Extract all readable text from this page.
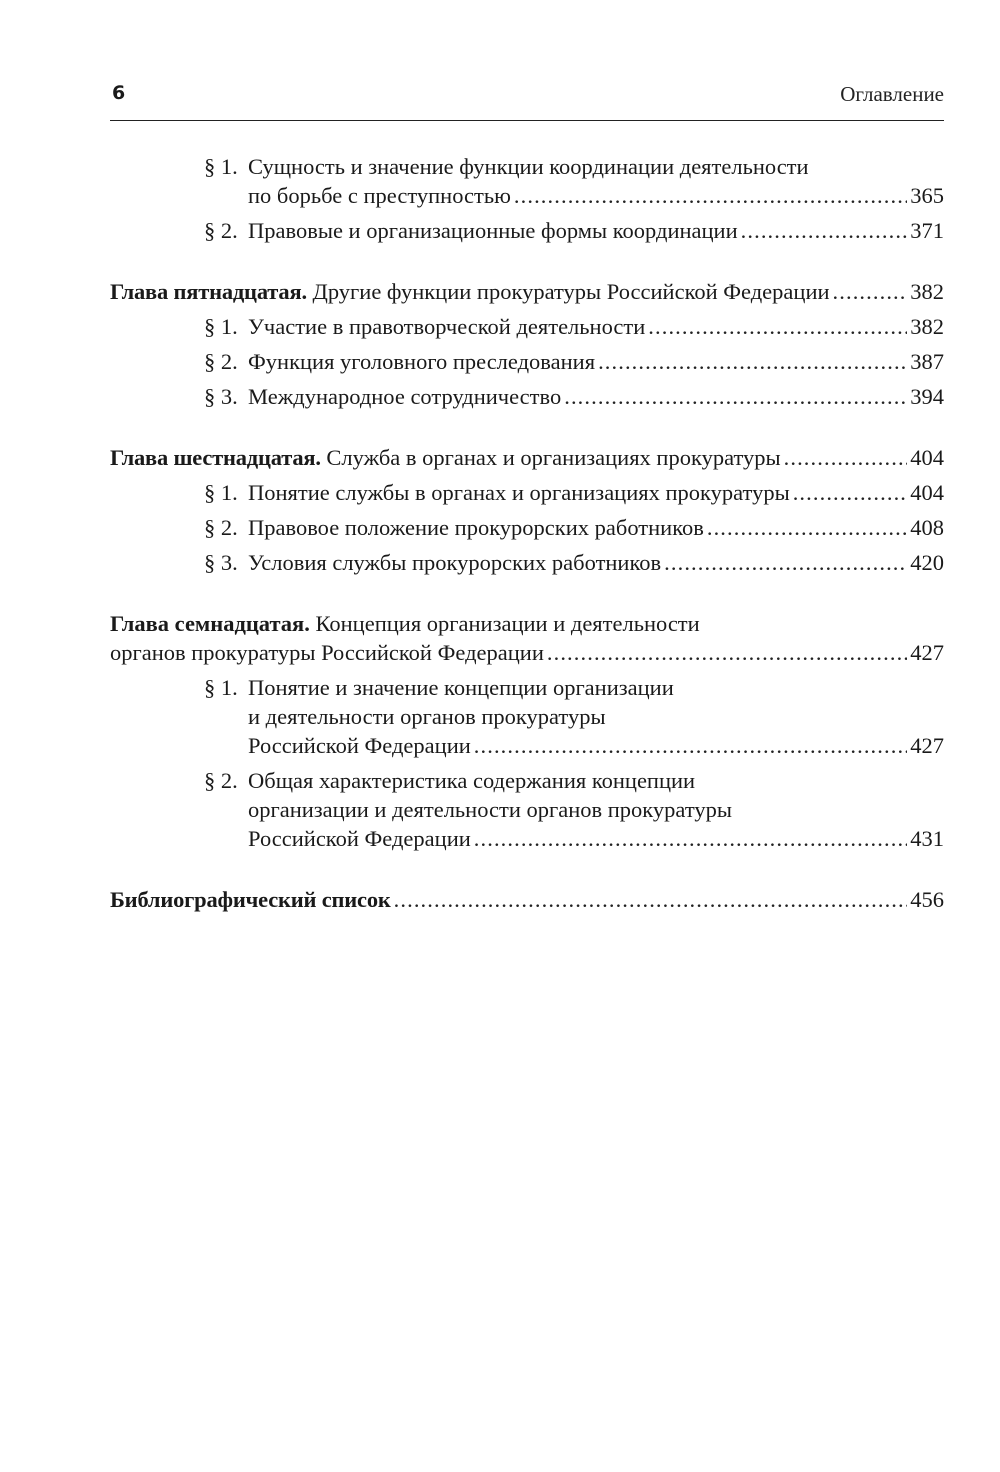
6	Оглавление
§ 1. Сущность и значение функции координации деятельности
по борьбе с преступностью .....	365
§ 2. Правовые и организационные формы координации .....	371
Глава пятнадцатая.
Другие функции прокуратуры Российской Федерации .....	382
§ 1. Участие в правотворческой деятельности .....	382
§ 2. Функция уголовного преследования .....	387
§ 3. Международное сотрудничество .....	394
Глава шестнадцатая.
Служба в органах и организациях прокуратуры .....	404
§ 1. Понятие службы в органах и организациях прокуратуры .....	404
§ 2. Правовое положение прокурорских работников .....	408
§ 3. Условия службы прокурорских работников .....	420
Глава семнадцатая. Концепция организации и деятельности
органов прокуратуры Российской Федерации .....	427
§ 1. Понятие и значение концепции организации
и деятельности органов прокуратуры
Российской Федерации .....	427
§ 2. Общая характеристика содержания концепции
организации и деятельности органов прокуратуры
Российской Федерации .....	431
Библиографический список .....	456
